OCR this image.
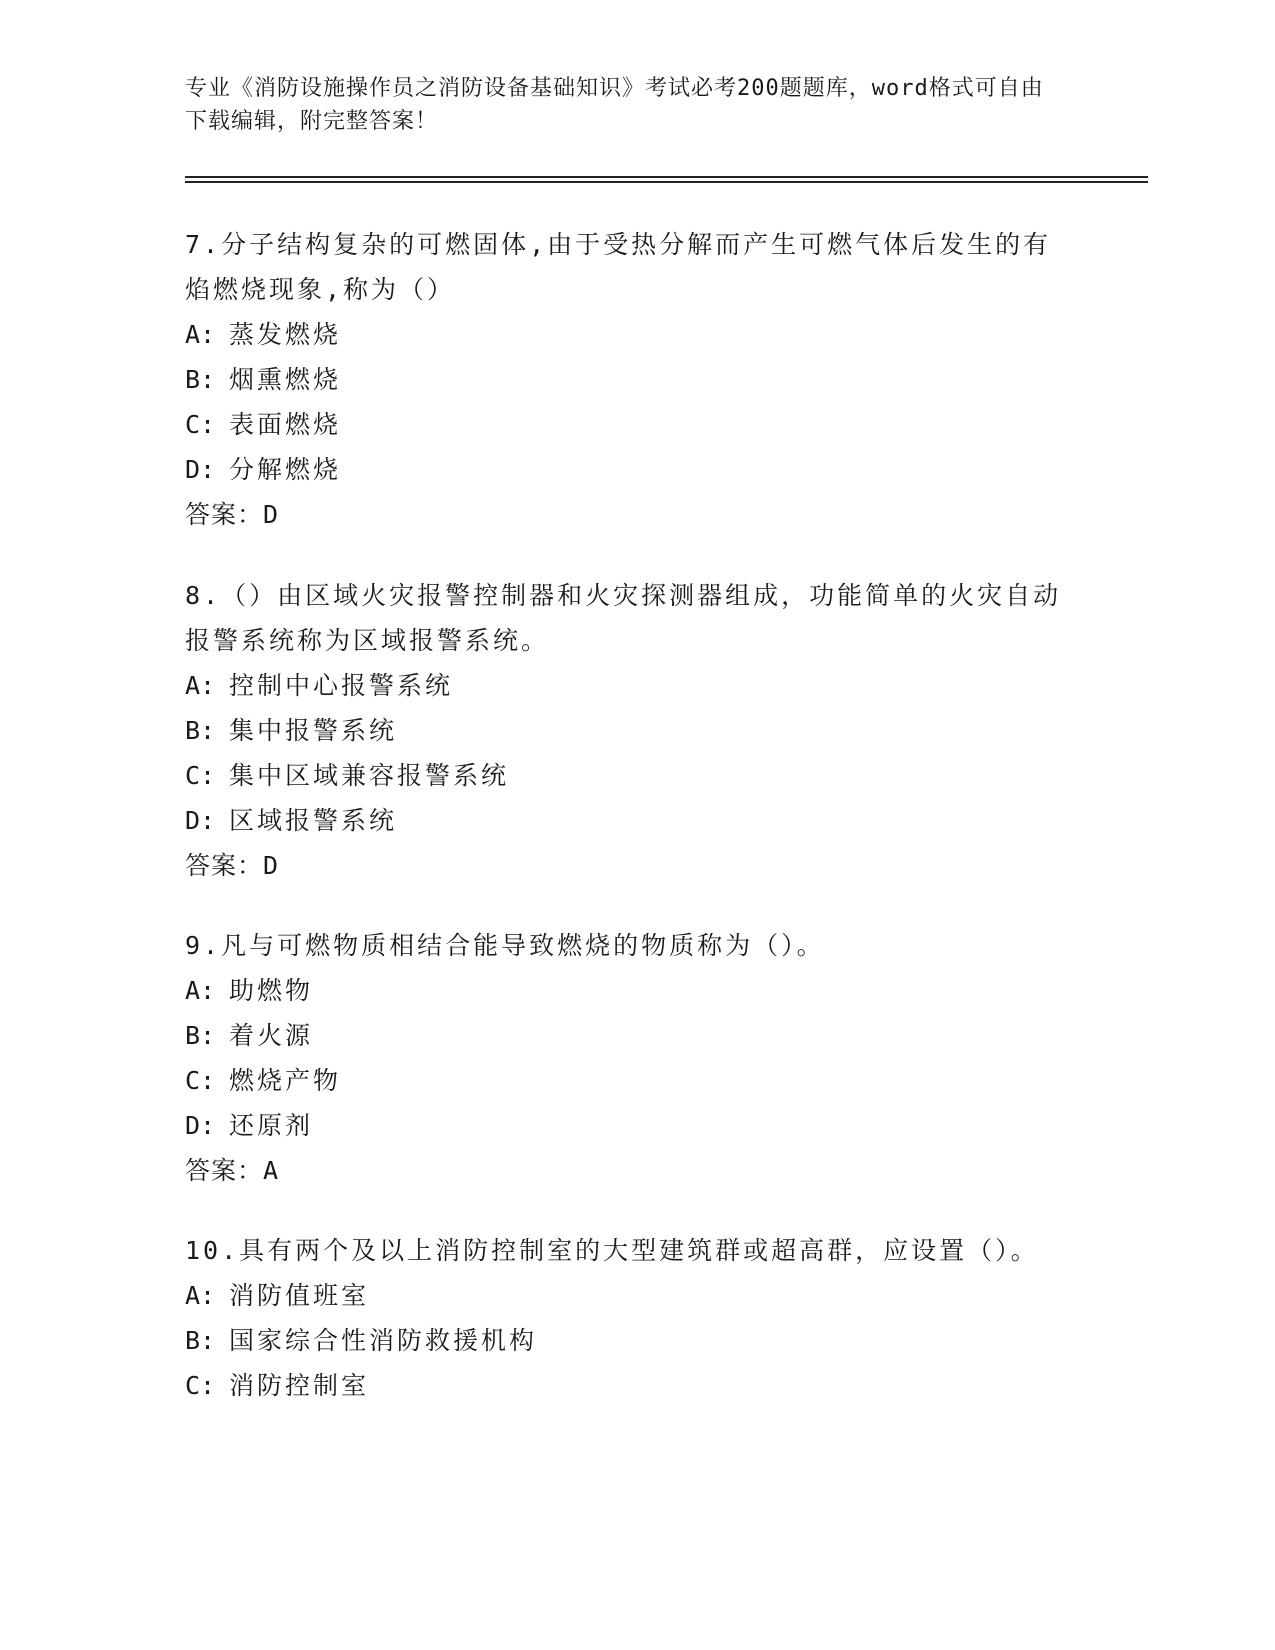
专业《消防设施操作员之消防设备基础知识》考试必考200题题库，word格式可自由下载编辑，附完整答案！

7.分子结构复杂的可燃固体,由于受热分解而产生可燃气体后发生的有焰燃烧现象,称为（）

A: 蒸发燃烧

B: 烟熏燃烧

C: 表面燃烧

D: 分解燃烧

答案：D

8.（）由区域火灾报警控制器和火灾探测器组成，功能简单的火灾自动报警系统称为区域报警系统。

A: 控制中心报警系统

B: 集中报警系统

C: 集中区域兼容报警系统

D: 区域报警系统

答案：D

9.凡与可燃物质相结合能导致燃烧的物质称为（）。

A: 助燃物

B: 着火源

C: 燃烧产物

D: 还原剂

答案：A

10.具有两个及以上消防控制室的大型建筑群或超高群，应设置（）。

A: 消防值班室

B: 国家综合性消防救援机构

C: 消防控制室
